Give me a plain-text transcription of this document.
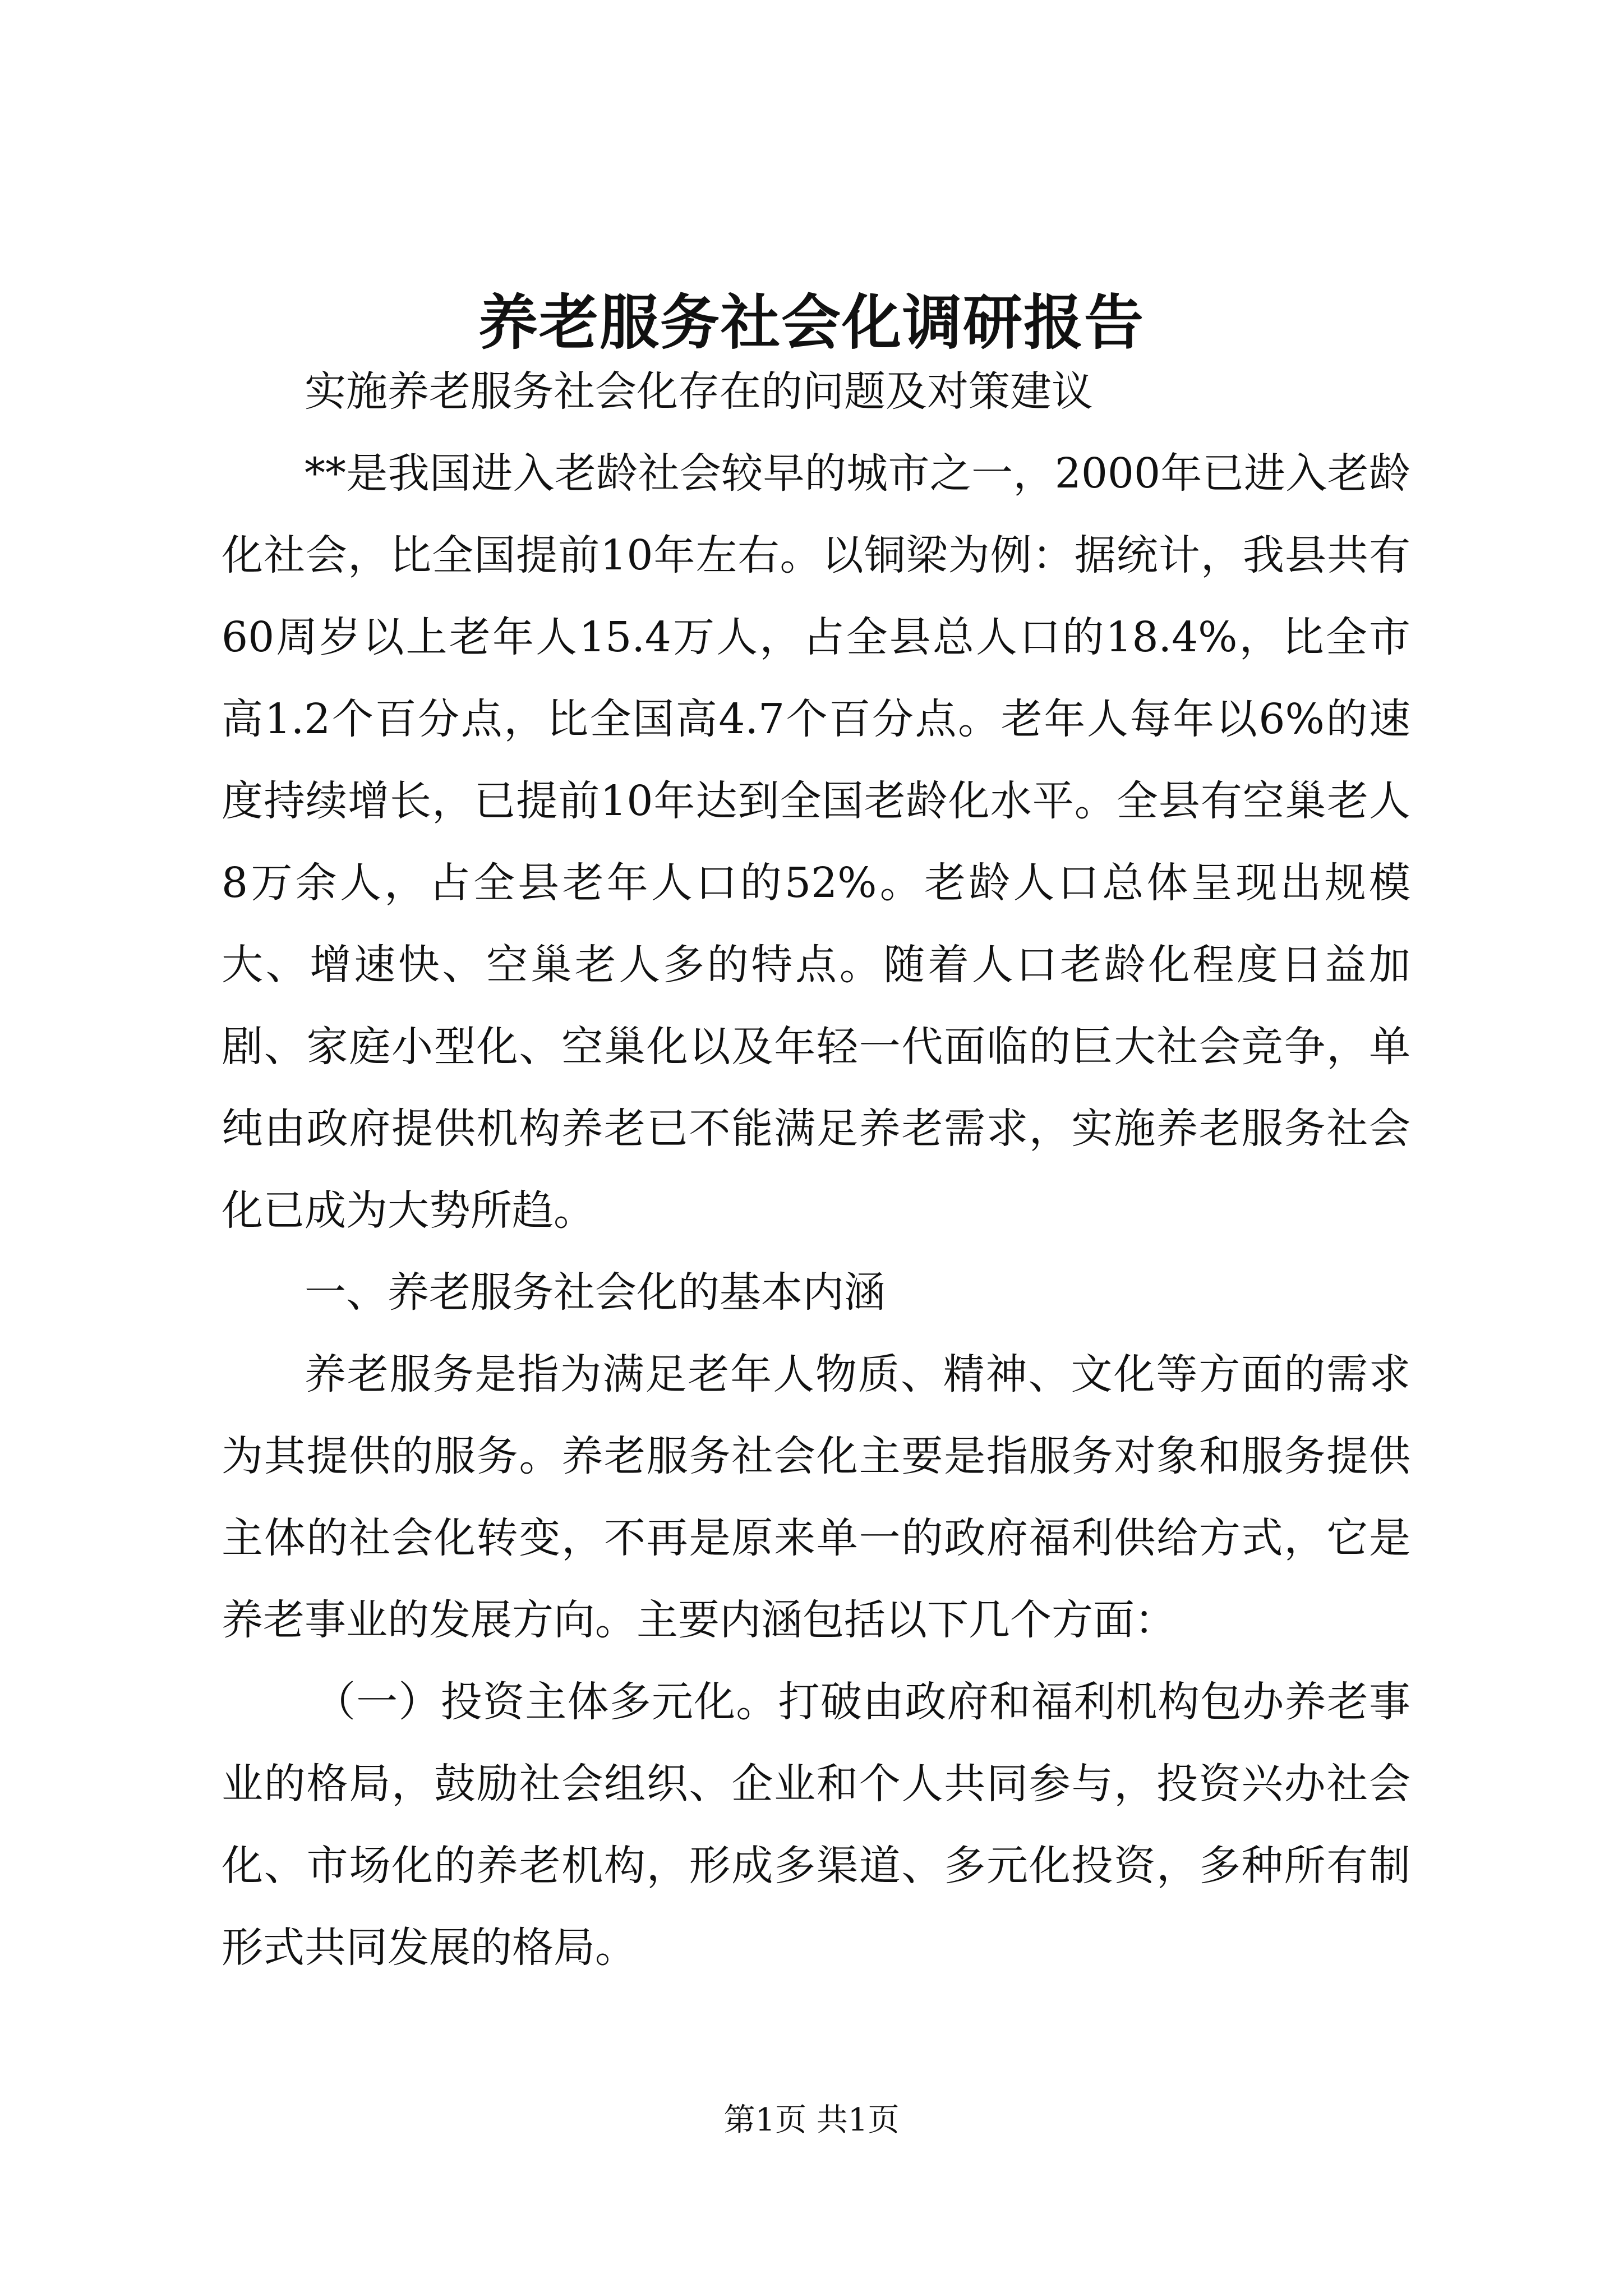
养老服务社会化调研报告

实施养老服务社会化存在的问题及对策建议

**是我国进入老龄社会较早的城市之一，2000年已进入老龄化社会，比全国提前10年左右。以铜梁为例：据统计，我县共有60周岁以上老年人15.4万人，占全县总人口的18.4%，比全市高1.2个百分点，比全国高4.7个百分点。老年人每年以6%的速度持续增长，已提前10年达到全国老龄化水平。全县有空巢老人8万余人，占全县老年人口的52%。老龄人口总体呈现出规模大、增速快、空巢老人多的特点。随着人口老龄化程度日益加剧、家庭小型化、空巢化以及年轻一代面临的巨大社会竞争，单纯由政府提供机构养老已不能满足养老需求，实施养老服务社会化已成为大势所趋。

一、养老服务社会化的基本内涵

养老服务是指为满足老年人物质、精神、文化等方面的需求为其提供的服务。养老服务社会化主要是指服务对象和服务提供主体的社会化转变，不再是原来单一的政府福利供给方式，它是养老事业的发展方向。主要内涵包括以下几个方面：

（一）投资主体多元化。打破由政府和福利机构包办养老事业的格局，鼓励社会组织、企业和个人共同参与，投资兴办社会化、市场化的养老机构，形成多渠道、多元化投资，多种所有制形式共同发展的格局。

第1页 共1页
